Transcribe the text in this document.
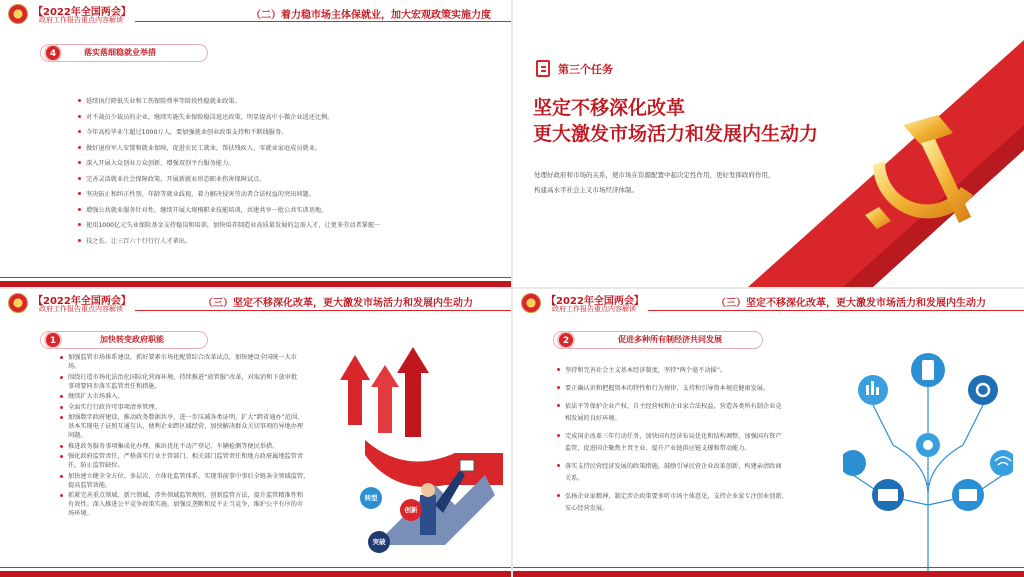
【2022年全国两会】
政府工作报告重点内容解读	（二）着力稳市场主体保就业，加大宏观政策实施力度
4	落实落细稳就业举措
延续执行降低失业和工伤保险费率等阶段性稳就业政策。
对不裁员少裁员的企业，继续实施失业保险稳岗返还政策，明显提高中小微企业返还比例。
今年高校毕业生超过1000万人，要加强就业创业政策支持和不断线服务。
做好退役军人安置和就业保障，促进农民工就业，帮扶残疾人、零就业家庭成员就业。
深入开展大众创业万众创新，增强双创平台服务能力。
完善灵活就业社会保障政策，开展新就业形态职业伤害保障试点。
坚决防止和纠正性别、年龄等就业歧视，着力解决侵害劳动者合法权益的突出问题。
增强公共就业服务针对性，继续开展大规模职业技能培训，共建共享一批公共实训基地。
使用1000亿元失业保险基金支持稳岗和培训，加快培养制造业高质量发展的急需人才，让更多劳动者掌握一
技之长、让三百六十行行行人才辈出。
第三个任务
坚定不移深化改革
更大激发市场活力和发展内生动力
处理好政府和市场的关系，使市场在资源配置中起决定性作用，更好发挥政府作用，
构建高水平社会主义市场经济体制。
【2022年全国两会】
政府工作报告重点内容解读	（三）坚定不移深化改革，更大激发市场活力和发展内生动力
1	加快转变政府职能
加强监管市场体系建设，抓好要素市场化配置综合改革试点，加快建设全国统一大市
场。
围绕打造市场化法治化国际化营商环境，持续推进“放管服”改革，对取消和下放审批
事项要同步落实监管责任和措施。
继续扩大市场准入。
全面实行行政许可事项清单管理。
加强数字政府建设，推动政务数据共享，进一步压减各类证明，扩大“跨省通办”范围，
基本实现电子证照互通互认，便利企业跨区域经营，加快解决群众关切事项的异地办理
问题。
推进政务服务事项集成化办理，推出优化不动产登记、车辆检测等便民举措。
强化政府监管责任，严格落实行业主管部门、相关部门监管责任和地方政府属地监管责
任，防止监管缺位。
加快建立健全全方位、多层次、立体化监管体系，实现事前事中事后全链条全领域监管，
提高监管效能。
抓紧完善重点领域、新兴领域、涉外领域监管规则，创新监管方法，提升监管精准性和
有效性。深入推进公平竞争政策实施，加强反垄断和反不正当竞争，维护公平有序的市
场环境。
转型
创新
突破
【2022年全国两会】
政府工作报告重点内容解读	（三）坚定不移深化改革，更大激发市场活力和发展内生动力
2	促进多种所有制经济共同发展
坚持和完善社会主义基本经济制度，坚持“两个毫不动摇”。
要正确认识和把握资本的特性和行为规律，支持和引导资本规范健康发展。
依法平等保护企业产权、自主经营权和企业家合法权益，营造各类所有制企业竞
相发展的良好环境。
完成国企改革三年行动任务，加快国有经济布局优化和结构调整，加强国有资产
监管，促进国企聚焦主责主业、提升产业链供应链支撑和带动能力。
落实支持民营经济发展的政策措施，鼓励引导民营企业改革创新，构建亲清政商
关系。
弘扬企业家精神，制定涉企政策要多听市场主体意见，支持企业家专注创业创新、
安心经营发展。
